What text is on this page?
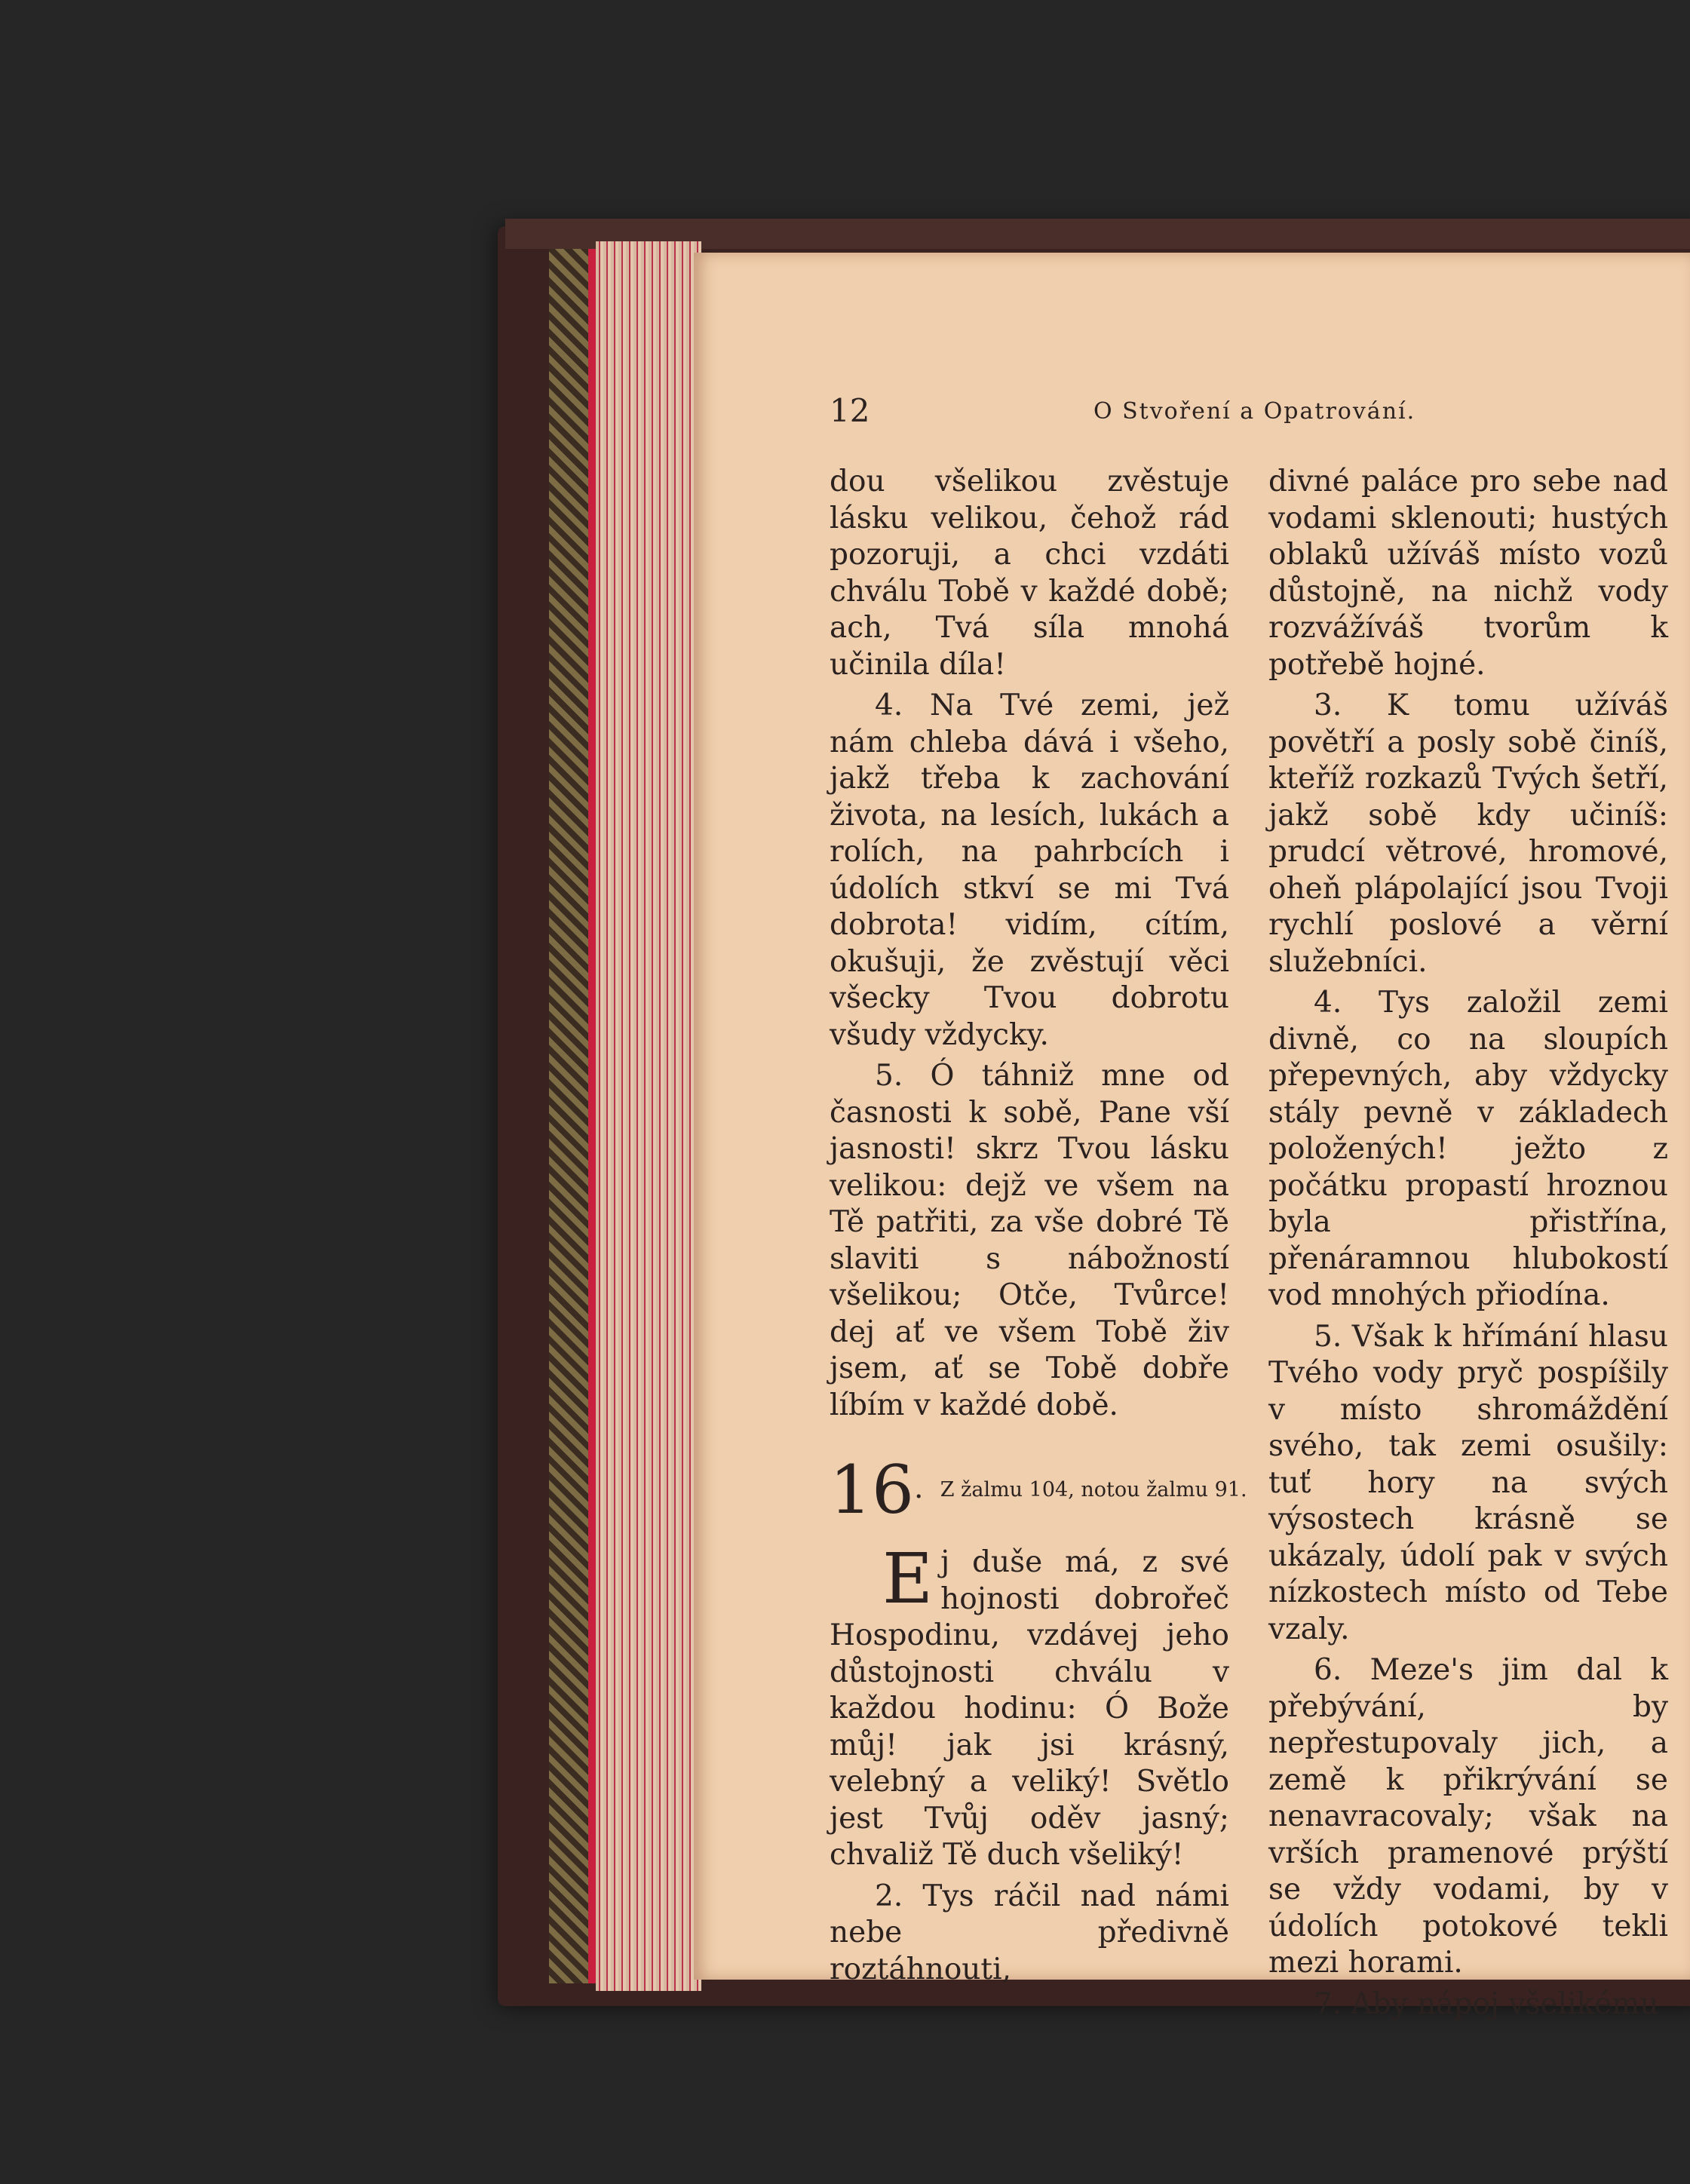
12	O Stvoření a Opatrování.

dou všelikou zvěstuje lásku velikou, čehož rád pozoruji, a chci vzdáti chválu Tobě v každé době; ach, Tvá síla mnohá učinila díla!

4. Na Tvé zemi, jež nám chleba dává i všeho, jakž třeba k zachování života, na lesích, lukách a rolích, na pahrbcích i údolích stkví se mi Tvá dobrota! vidím, cítím, okušuji, že zvěstují věci všecky Tvou dobrotu všudy vždycky.

5. Ó táhniž mne od časnosti k sobě, Pane vší jasnosti! skrz Tvou lásku velikou: dejž ve všem na Tě patřiti, za vše dobré Tě slaviti s nábožností všelikou; Otče, Tvůrce! dej ať ve všem Tobě živ jsem, ať se Tobě dobře líbím v každé době.

16. Z žalmu 104, notou žalmu 91.

Ej duše má, z své hojnosti dobrořeč Hospodinu, vzdávej jeho důstojnosti chválu v každou hodinu: Ó Bože můj! jak jsi krásný, velebný a veliký! Světlo jest Tvůj oděv jasný; chvaliž Tě duch všeliký!

2. Tys ráčil nad námi nebe předivně roztáhnouti,

divné paláce pro sebe nad vodami sklenouti; hustých oblaků užíváš místo vozů důstojně, na nichž vody rozvážíváš tvorům k potřebě hojné.

3. K tomu užíváš povětří a posly sobě činíš, kteříž rozkazů Tvých šetří, jakž sobě kdy učiníš: prudcí větrové, hromové, oheň plápolající jsou Tvoji rychlí poslové a věrní služebníci.

4. Tys založil zemi divně, co na sloupích přepevných, aby vždycky stály pevně v základech položených! ježto z počátku propastí hroznou byla přistřína, přenáramnou hlubokostí vod mnohých přiodína.

5. Však k hřímání hlasu Tvého vody pryč pospíšily v místo shromáždění svého, tak zemi osušily: tuť hory na svých výsostech krásně se ukázaly, údolí pak v svých nízkostech místo od Tebe vzaly.

6. Meze's jim dal k přebývání, by nepřestupovaly jich, a země k přikrývání se nenavracovaly; však na vrších pramenové prýští se vždy vodami, by v údolích potokové tekli mezi horami.

7. Aby nápoj všelikému
